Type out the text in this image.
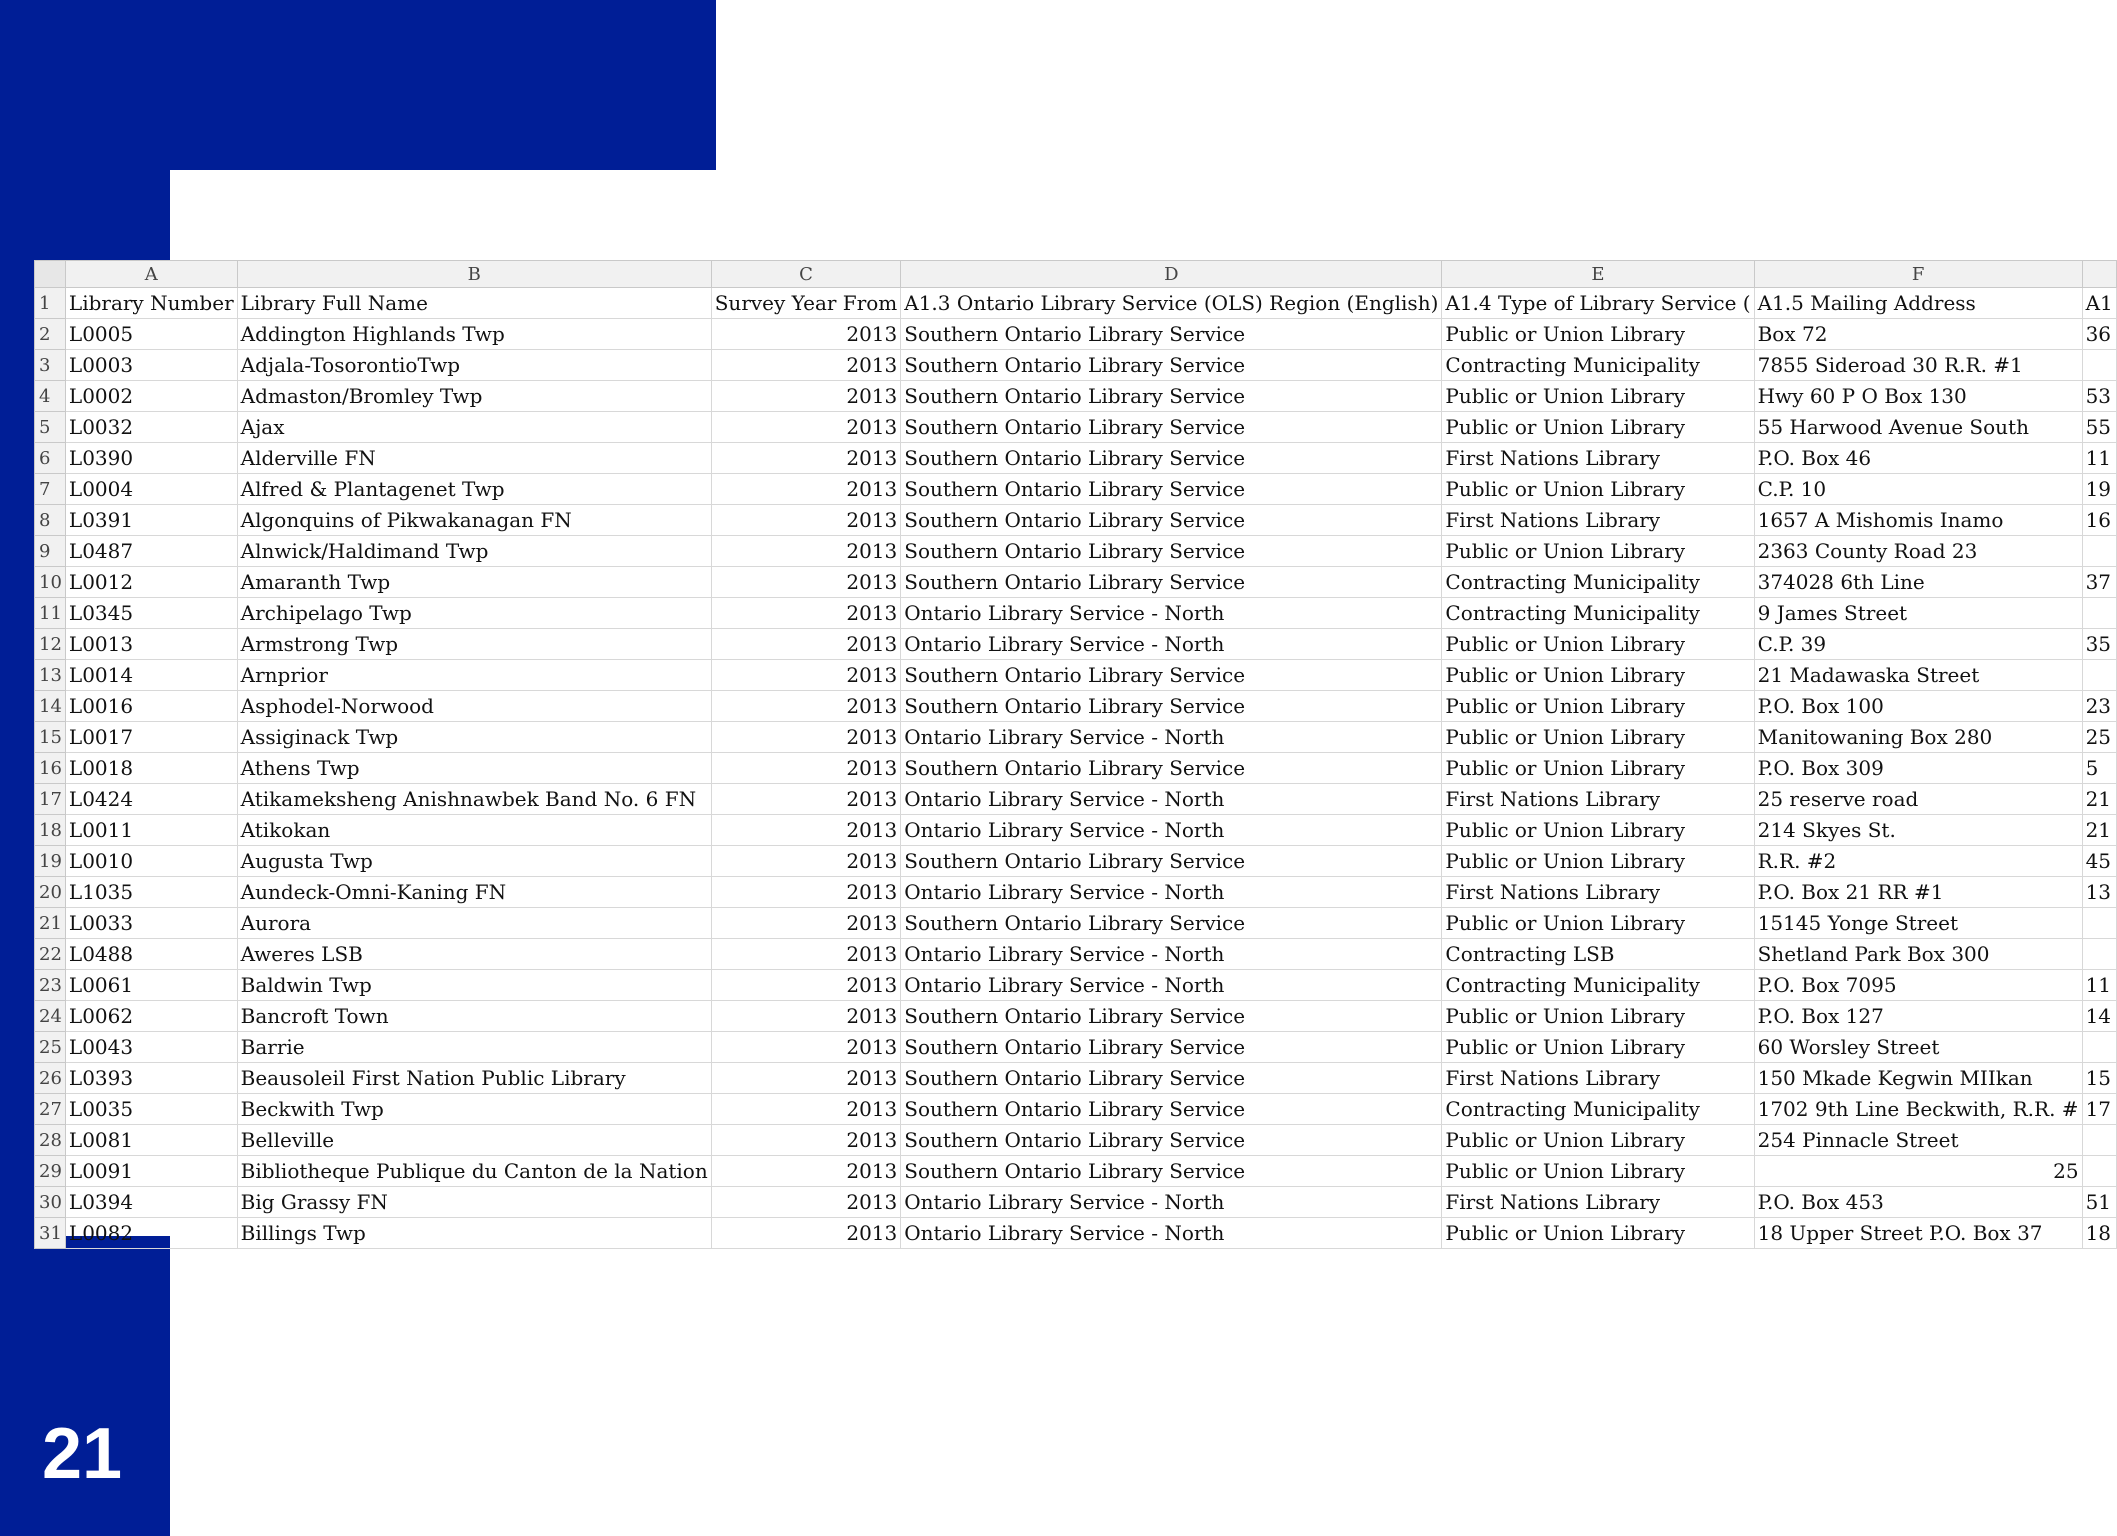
21
	A	B	C	D	E	F	
1	Library Number	Library Full Name	Survey Year From	A1.3 Ontario Library Service (OLS) Region (English)	A1.4 Type of Library Service (	A1.5 Mailing Address	A1
2	L0005	Addington Highlands Twp	2013	Southern Ontario Library Service	Public or Union Library	Box 72	36
3	L0003	Adjala-TosorontioTwp	2013	Southern Ontario Library Service	Contracting Municipality	7855 Sideroad 30 R.R. #1	
4	L0002	Admaston/Bromley Twp	2013	Southern Ontario Library Service	Public or Union Library	Hwy 60 P O Box 130	53
5	L0032	Ajax	2013	Southern Ontario Library Service	Public or Union Library	55 Harwood Avenue South	55
6	L0390	Alderville FN	2013	Southern Ontario Library Service	First Nations Library	P.O. Box 46	11
7	L0004	Alfred & Plantagenet Twp	2013	Southern Ontario Library Service	Public or Union Library	C.P. 10	19
8	L0391	Algonquins of Pikwakanagan FN	2013	Southern Ontario Library Service	First Nations Library	1657 A Mishomis Inamo	16
9	L0487	Alnwick/Haldimand Twp	2013	Southern Ontario Library Service	Public or Union Library	2363 County Road 23	
10	L0012	Amaranth Twp	2013	Southern Ontario Library Service	Contracting Municipality	374028 6th Line	37
11	L0345	Archipelago Twp	2013	Ontario Library Service - North	Contracting Municipality	9 James Street	
12	L0013	Armstrong Twp	2013	Ontario Library Service - North	Public or Union Library	C.P. 39	35
13	L0014	Arnprior	2013	Southern Ontario Library Service	Public or Union Library	21 Madawaska Street	
14	L0016	Asphodel-Norwood	2013	Southern Ontario Library Service	Public or Union Library	P.O. Box 100	23
15	L0017	Assiginack Twp	2013	Ontario Library Service - North	Public or Union Library	Manitowaning Box 280	25
16	L0018	Athens Twp	2013	Southern Ontario Library Service	Public or Union Library	P.O. Box 309	5
17	L0424	Atikameksheng Anishnawbek Band No. 6 FN	2013	Ontario Library Service - North	First Nations Library	25 reserve road	21
18	L0011	Atikokan	2013	Ontario Library Service - North	Public or Union Library	214 Skyes St.	21
19	L0010	Augusta Twp	2013	Southern Ontario Library Service	Public or Union Library	R.R. #2	45
20	L1035	Aundeck-Omni-Kaning FN	2013	Ontario Library Service - North	First Nations Library	P.O. Box 21 RR #1	13
21	L0033	Aurora	2013	Southern Ontario Library Service	Public or Union Library	15145 Yonge Street	
22	L0488	Aweres LSB	2013	Ontario Library Service - North	Contracting LSB	Shetland Park Box 300	
23	L0061	Baldwin Twp	2013	Ontario Library Service - North	Contracting Municipality	P.O. Box 7095	11
24	L0062	Bancroft Town	2013	Southern Ontario Library Service	Public or Union Library	P.O. Box 127	14
25	L0043	Barrie	2013	Southern Ontario Library Service	Public or Union Library	60 Worsley Street	
26	L0393	Beausoleil First Nation Public Library	2013	Southern Ontario Library Service	First Nations Library	150 Mkade Kegwin MIIkan	15
27	L0035	Beckwith Twp	2013	Southern Ontario Library Service	Contracting Municipality	1702 9th Line Beckwith, R.R. #	17
28	L0081	Belleville	2013	Southern Ontario Library Service	Public or Union Library	254 Pinnacle Street	
29	L0091	Bibliotheque Publique du Canton de la Nation	2013	Southern Ontario Library Service	Public or Union Library	25	
30	L0394	Big Grassy FN	2013	Ontario Library Service - North	First Nations Library	P.O. Box 453	51
31	L0082	Billings Twp	2013	Ontario Library Service - North	Public or Union Library	18 Upper Street P.O. Box 37	18
